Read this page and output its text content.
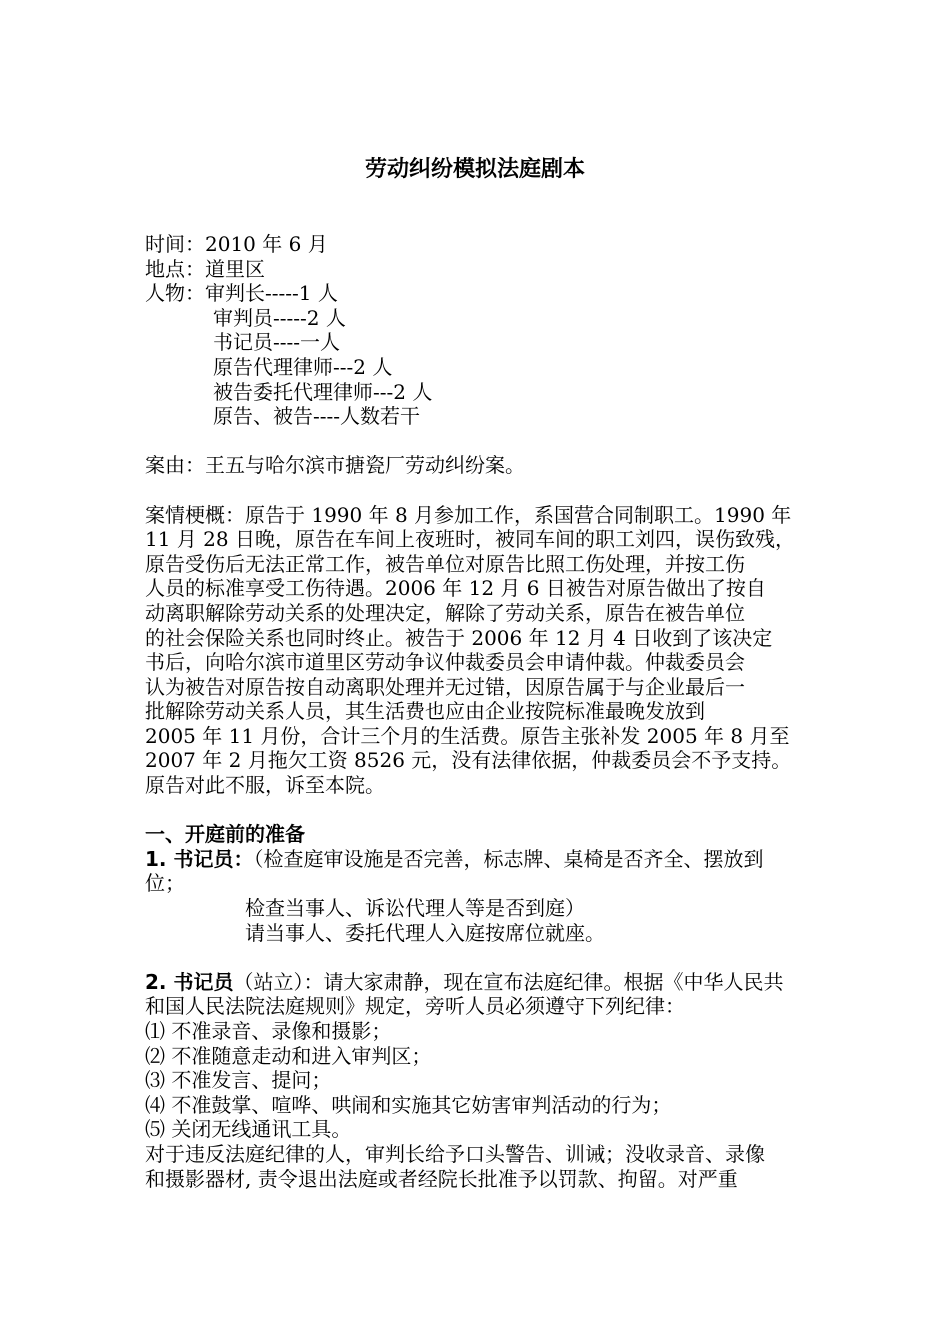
劳动纠纷模拟法庭剧本
时间：2010 年 6 月
地点：道里区
人物：审判长-----1 人
审判员-----2 人
书记员----一人
原告代理律师---2 人
被告委托代理律师---2 人
原告、被告----人数若干
案由：王五与哈尔滨市搪瓷厂劳动纠纷案。
案情梗概：原告于 1990 年 8 月参加工作，系国营合同制职工。1990 年
11 月 28 日晚，原告在车间上夜班时，被同车间的职工刘四，误伤致残，
原告受伤后无法正常工作，被告单位对原告比照工伤处理，并按工伤
人员的标准享受工伤待遇。2006 年 12 月 6 日被告对原告做出了按自
动离职解除劳动关系的处理决定，解除了劳动关系，原告在被告单位
的社会保险关系也同时终止。被告于 2006 年 12 月 4 日收到了该决定
书后，向哈尔滨市道里区劳动争议仲裁委员会申请仲裁。仲裁委员会
认为被告对原告按自动离职处理并无过错，因原告属于与企业最后一
批解除劳动关系人员，其生活费也应由企业按院标准最晚发放到
2005 年 11 月份，合计三个月的生活费。原告主张补发 2005 年 8 月至
2007 年 2 月拖欠工资 8526 元，没有法律依据，仲裁委员会不予支持。
原告对此不服，诉至本院。
一、开庭前的准备
1. 书记员：（检查庭审设施是否完善，标志牌、桌椅是否齐全、摆放到
位；
检查当事人、诉讼代理人等是否到庭）
请当事人、委托代理人入庭按席位就座。
2. 书记员（站立）：请大家肃静，现在宣布法庭纪律。根据《中华人民共
和国人民法院法庭规则》规定，旁听人员必须遵守下列纪律：
⑴ 不准录音、录像和摄影；
⑵ 不准随意走动和进入审判区；
⑶ 不准发言、提问；
⑷ 不准鼓掌、喧哗、哄闹和实施其它妨害审判活动的行为；
⑸ 关闭无线通讯工具。
对于违反法庭纪律的人，审判长给予口头警告、训诫；没收录音、录像
和摄影器材, 责令退出法庭或者经院长批准予以罚款、拘留。对严重
